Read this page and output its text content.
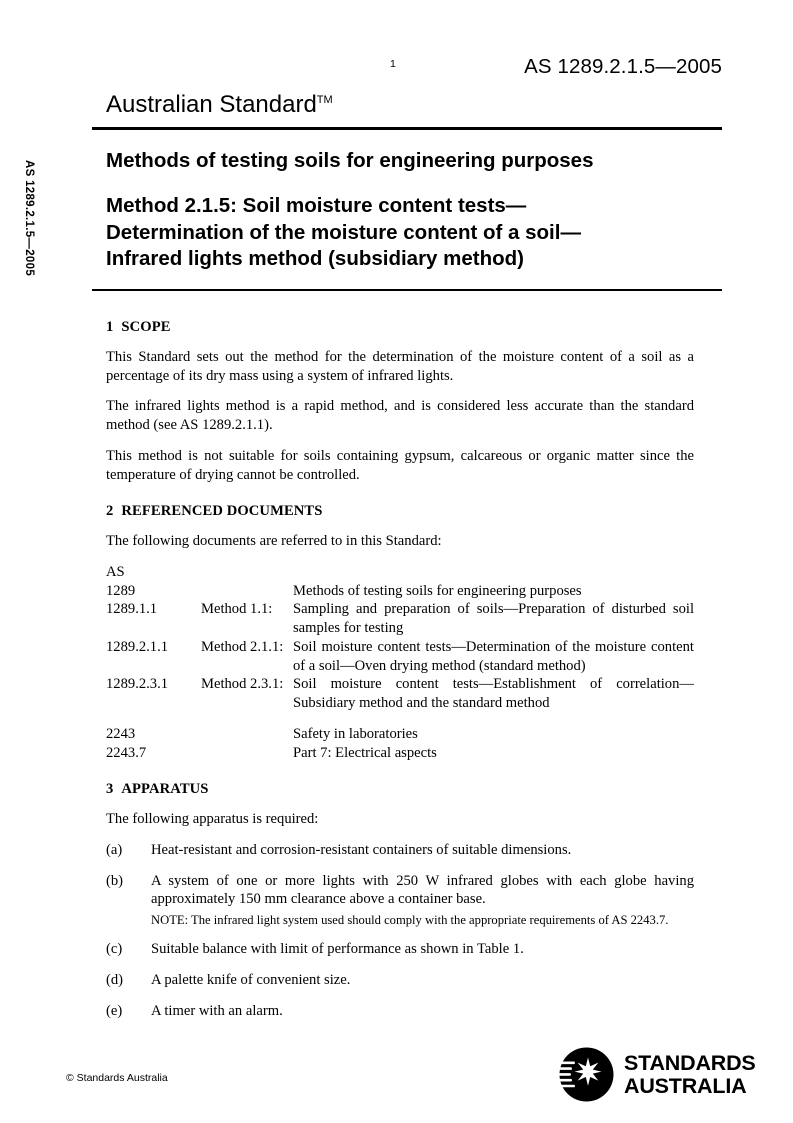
1	AS 1289.2.1.5—2005
AS 1289.2.1.5—2005
Australian Standard™
Methods of testing soils for engineering purposes
Method 2.1.5: Soil moisture content tests—
Determination of the moisture content of a soil—
Infrared lights method (subsidiary method)
1 SCOPE

This Standard sets out the method for the determination of the moisture content of a soil as a percentage of its dry mass using a system of infrared lights.

The infrared lights method is a rapid method, and is considered less accurate than the standard method (see AS 1289.2.1.1).

This method is not suitable for soils containing gypsum, calcareous or organic matter since the temperature of drying cannot be controlled.

2 REFERENCED DOCUMENTS

The following documents are referred to in this Standard:

AS		
1289		Methods of testing soils for engineering purposes
1289.1.1	Method 1.1:	Sampling and preparation of soils—Preparation of disturbed soil samples for testing
1289.2.1.1	Method 2.1.1:	Soil moisture content tests—Determination of the moisture content of a soil—Oven drying method (standard method)
1289.2.3.1	Method 2.3.1:	Soil moisture content tests—Establishment of correlation—Subsidiary method and the standard method

2243		Safety in laboratories
2243.7		Part 7: Electrical aspects
3 APPARATUS

The following apparatus is required:

(a)	Heat-resistant and corrosion-resistant containers of suitable dimensions.
(b)	A system of one or more lights with 250 W infrared globes with each globe having approximately 150 mm clearance above a container base.
NOTE: The infrared light system used should comply with the appropriate requirements of AS 2243.7.
(c)	Suitable balance with limit of performance as shown in Table 1.
(d)	A palette knife of convenient size.
(e)	A timer with an alarm.
© Standards Australia
STANDARDS
AUSTRALIA
